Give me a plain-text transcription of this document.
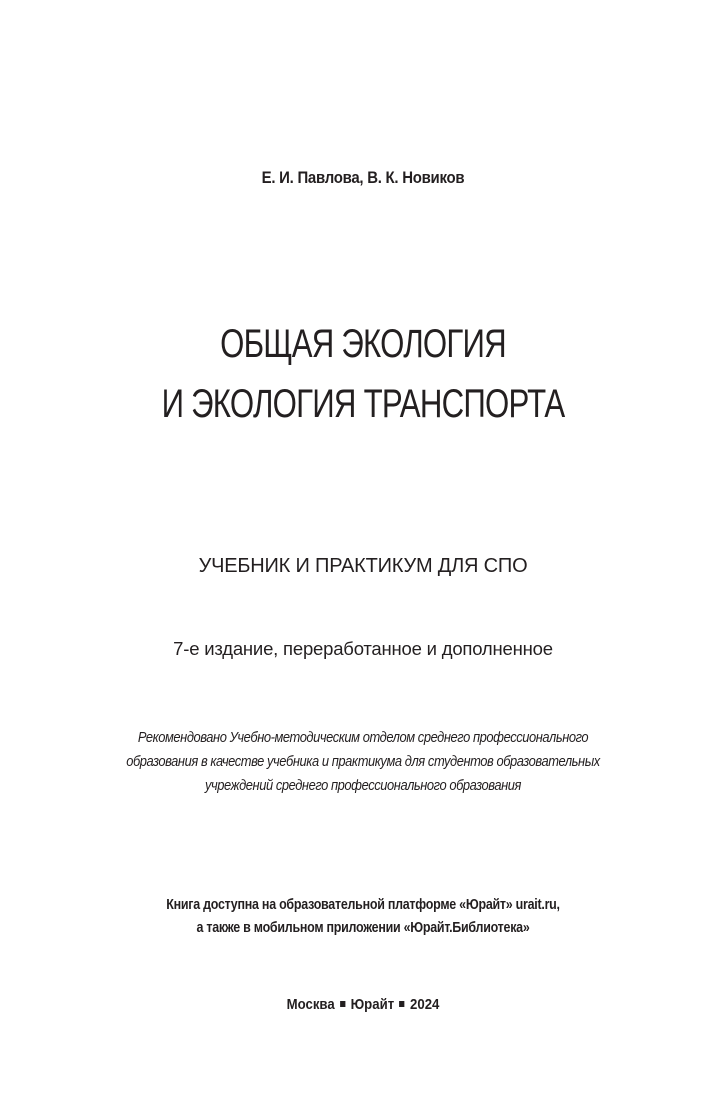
Е. И. Павлова, В. К. Новиков
ОБЩАЯ ЭКОЛОГИЯ
И ЭКОЛОГИЯ ТРАНСПОРТА
УЧЕБНИК И ПРАКТИКУМ ДЛЯ СПО
7-е издание, переработанное и дополненное
Рекомендовано Учебно-методическим отделом среднего профессионального
образования в качестве учебника и практикума для студентов образовательных
учреждений среднего профессионального образования
Книга доступна на образовательной платформе «Юрайт» urait.ru,
а также в мобильном приложении «Юрайт.Библиотека»
Москва Юрайт 2024
